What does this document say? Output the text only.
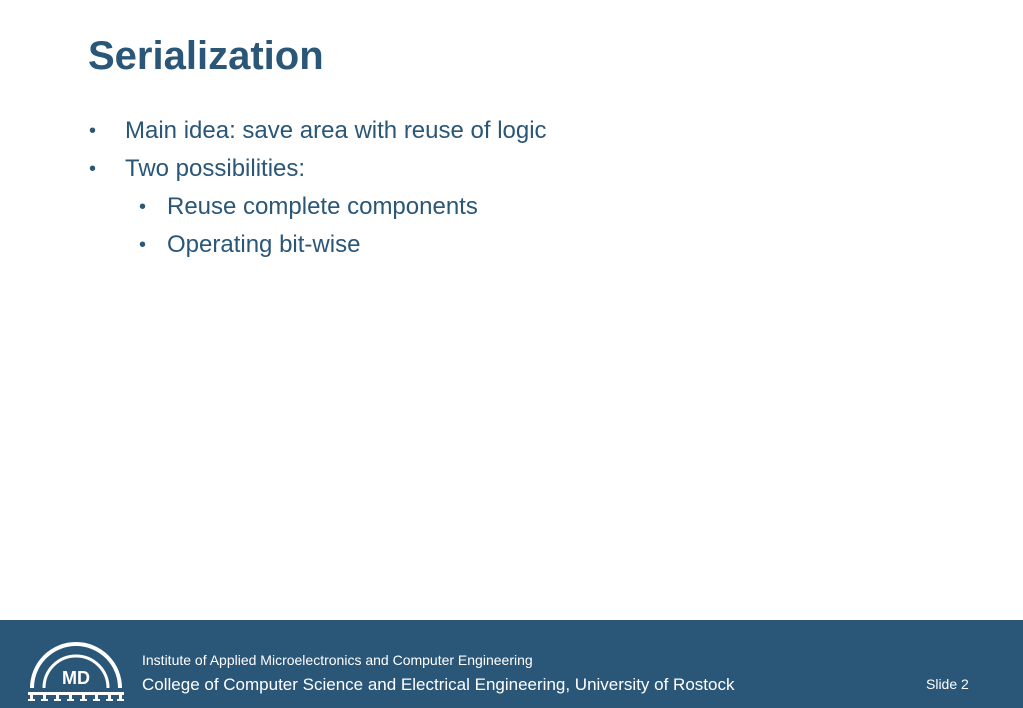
Serialization
• Main idea: save area with reuse of logic
• Two possibilities:
• Reuse complete components
• Operating bit-wise
MD
Institute of Applied Microelectronics and Computer Engineering
College of Computer Science and Electrical Engineering, University of Rostock	Slide 2
